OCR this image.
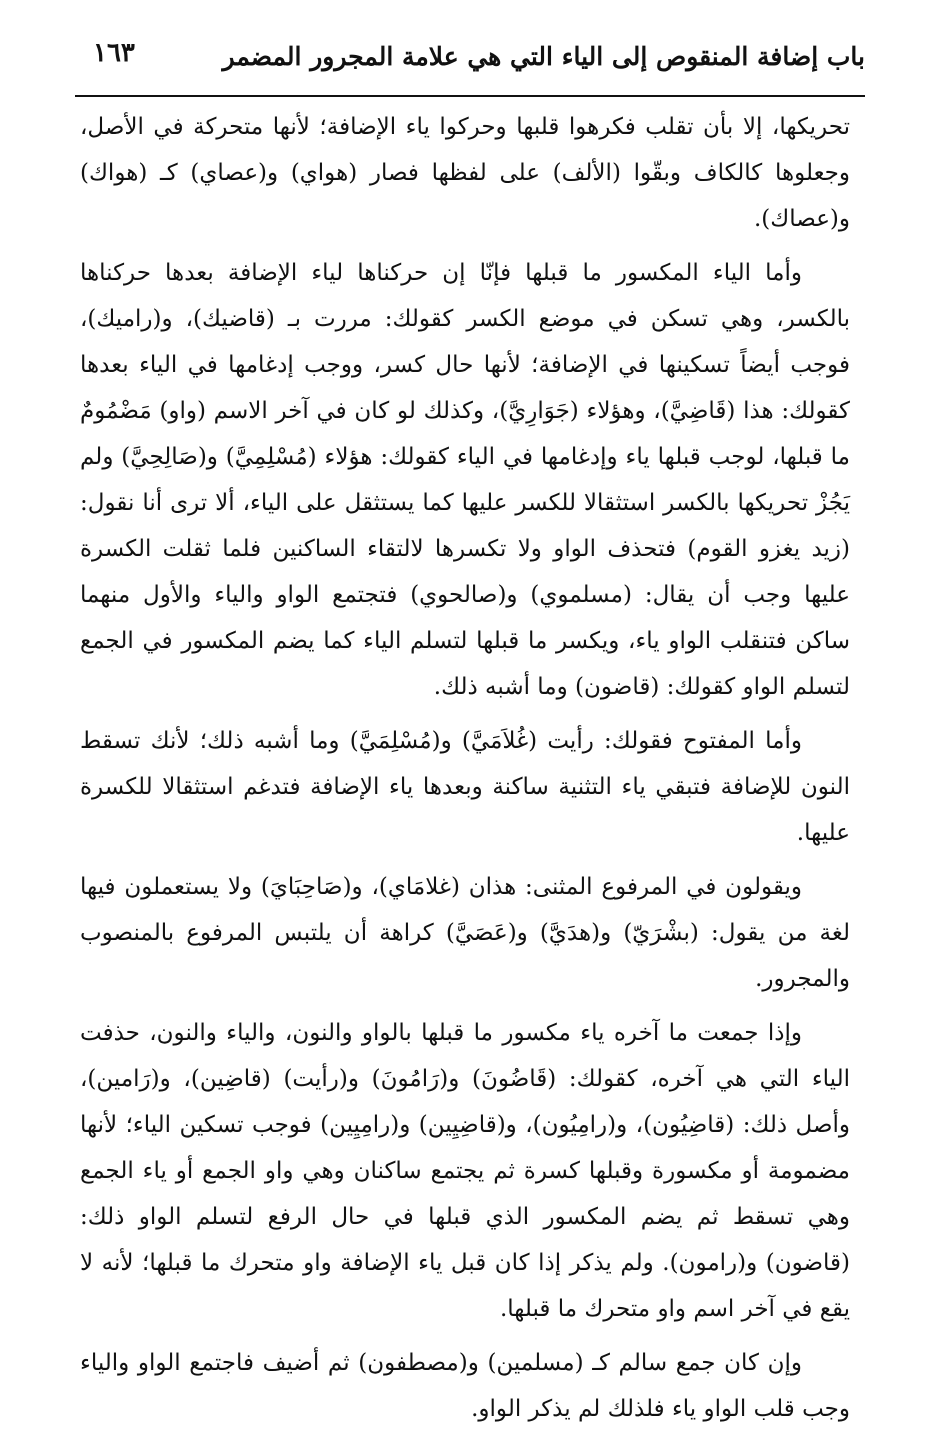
باب إضافة المنقوص إلى الياء التي هي علامة المجرور المضمر
١٦٣

تحريكها، إلا بأن تقلب فكرهوا قلبها وحركوا ياء الإضافة؛ لأنها متحركة في الأصل، وجعلوها كالكاف وبقّوا (الألف) على لفظها فصار (هواي) و(عصاي) كـ (هواك) و(عصاك).

وأما الياء المكسور ما قبلها فإنّا إن حركناها لياء الإضافة بعدها حركناها بالكسر، وهي تسكن في موضع الكسر كقولك: مررت بـ (قاضيك)، و(راميك)، فوجب أيضاً تسكينها في الإضافة؛ لأنها حال كسر، ووجب إدغامها في الياء بعدها كقولك: هذا (قَاضِيَّ)، وهؤلاء (جَوَارِيَّ)، وكذلك لو كان في آخر الاسم (واو) مَضْمُومٌ ما قبلها، لوجب قبلها ياء وإدغامها في الياء كقولك: هؤلاء (مُسْلِمِيَّ) و(صَالِحِيَّ) ولم يَجُزْ تحريكها بالكسر استثقالا للكسر عليها كما يستثقل على الياء، ألا ترى أنا نقول: (زيد يغزو القوم) فتحذف الواو ولا تكسرها لالتقاء الساكنين فلما ثقلت الكسرة عليها وجب أن يقال: (مسلموي) و(صالحوي) فتجتمع الواو والياء والأول منهما ساكن فتنقلب الواو ياء، ويكسر ما قبلها لتسلم الياء كما يضم المكسور في الجمع لتسلم الواو كقولك: (قاضون) وما أشبه ذلك.

وأما المفتوح فقولك: رأيت (غُلاَمَيَّ) و(مُسْلِمَيَّ) وما أشبه ذلك؛ لأنك تسقط النون للإضافة فتبقي ياء التثنية ساكنة وبعدها ياء الإضافة فتدغم استثقالا للكسرة عليها.

ويقولون في المرفوع المثنى: هذان (غلامَاي)، و(صَاحِبَايَ) ولا يستعملون فيها لغة من يقول: (بشْرَيّ) و(هدَيَّ) و(عَصَيَّ) كراهة أن يلتبس المرفوع بالمنصوب والمجرور.

وإذا جمعت ما آخره ياء مكسور ما قبلها بالواو والنون، والياء والنون، حذفت الياء التي هي آخره، كقولك: (قَاضُونَ) و(رَامُونَ) و(رأيت) (قاضِين)، و(رَامين)، وأصل ذلك: (قاضِيُون)، و(رامِيُون)، و(قاضِيِين) و(رامِيِين) فوجب تسكين الياء؛ لأنها مضمومة أو مكسورة وقبلها كسرة ثم يجتمع ساكنان وهي واو الجمع أو ياء الجمع وهي تسقط ثم يضم المكسور الذي قبلها في حال الرفع لتسلم الواو ذلك: (قاضون) و(رامون). ولم يذكر إذا كان قبل ياء الإضافة واو متحرك ما قبلها؛ لأنه لا يقع في آخر اسم واو متحرك ما قبلها.

وإن كان جمع سالم كـ (مسلمين) و(مصطفون) ثم أضيف فاجتمع الواو والياء وجب قلب الواو ياء فلذلك لم يذكر الواو.
